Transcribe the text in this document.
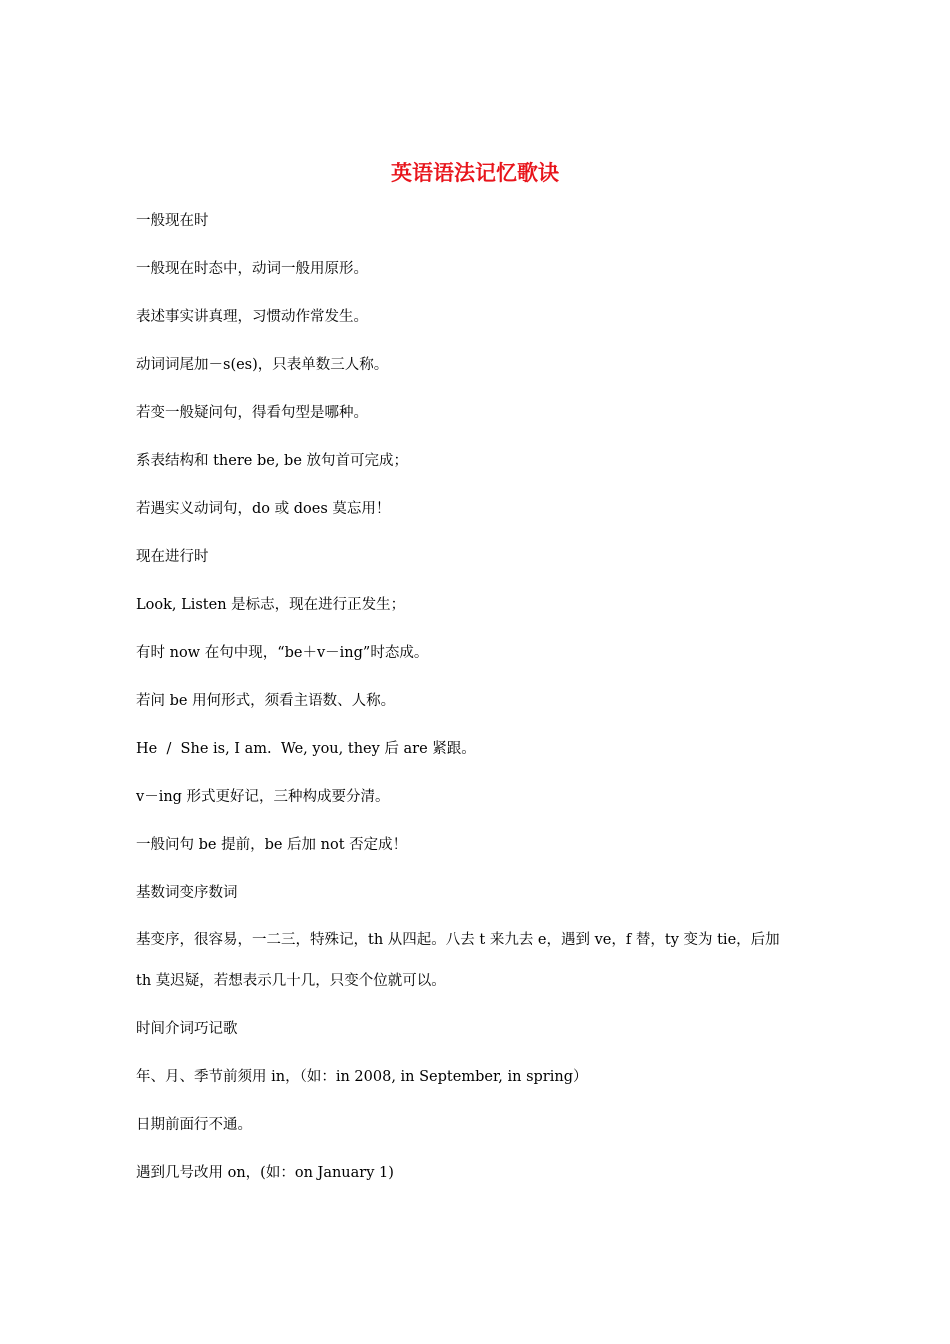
英语语法记忆歌诀

一般现在时

一般现在时态中，动词一般用原形。

表述事实讲真理，习惯动作常发生。

动词词尾加－s(es)，只表单数三人称。

若变一般疑问句，得看句型是哪种。

系表结构和 there be, be 放句首可完成；

若遇实义动词句，do 或 does 莫忘用！

现在进行时

Look, Listen 是标志，现在进行正发生；

有时 now 在句中现，“be＋v－ing”时态成。

若问 be 用何形式，须看主语数、人称。

He  /  She is, I am.  We, you, they 后 are 紧跟。

v－ing 形式更好记，三种构成要分清。

一般问句 be 提前，be 后加 not 否定成！

基数词变序数词

基变序，很容易，一二三，特殊记，th 从四起。八去 t 来九去 e，遇到 ve，f 替，ty 变为 tie，后加 th 莫迟疑，若想表示几十几，只变个位就可以。

时间介词巧记歌

年、月、季节前须用 in，（如：in 2008, in September, in spring）

日期前面行不通。

遇到几号改用 on，(如：on January 1)
